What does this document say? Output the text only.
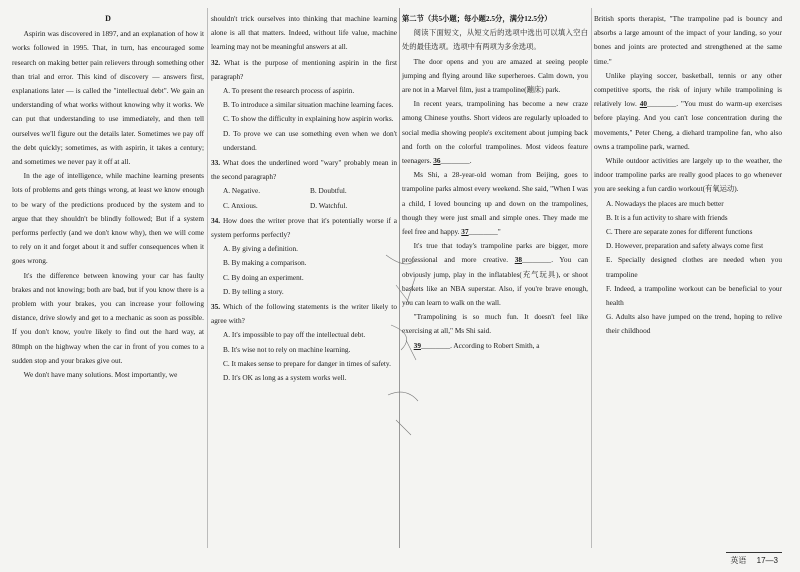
D

Aspirin was discovered in 1897, and an explanation of how it works followed in 1995. That, in turn, has encouraged some research on making better pain relievers through something other than trial and error. This kind of discovery — answers first, explanations later — is called the "intellectual debt". We gain an understanding of what works without knowing why it works. We can put that understanding to use immediately, and then tell ourselves we'll figure out the details later. Sometimes we pay off the debt quickly; sometimes, as with aspirin, it takes a century; and sometimes we never pay it off at all.

In the age of intelligence, while machine learning presents lots of problems and gets things wrong, at least we know enough to be wary of the predictions produced by the system and to argue that they shouldn't be blindly followed; But if a system performs perfectly (and we don't know why), then we will come to rely on it and forget about it and suffer consequences when it goes wrong.

It's the difference between knowing your car has faulty brakes and not knowing; both are bad, but if you know there is a problem with your brakes, you can increase your following distance, drive slowly and get to a mechanic as soon as possible. If you don't know, you're likely to find out the hard way, at 80mph on the highway when the car in front of you comes to a sudden stop and your brakes give out.

We don't have many solutions. Most importantly, we

shouldn't trick ourselves into thinking that machine learning alone is all that matters. Indeed, without life value, machine learning may not be meaningful answers at all.

32. What is the purpose of mentioning aspirin in the first paragraph?

A. To present the research process of aspirin.

B. To introduce a similar situation machine learning faces.

C. To show the difficulty in explaining how aspirin works.

D. To prove we can use something even when we don't understand.

33. What does the underlined word "wary" probably mean in the second paragraph?

A. Negative.	B. Doubtful.
C. Anxious.	D. Watchful.

34. How does the writer prove that it's potentially worse if a system performs perfectly?

A. By giving a definition.

B. By making a comparison.

C. By doing an experiment.

D. By telling a story.

35. Which of the following statements is the writer likely to agree with?

A. It's impossible to pay off the intellectual debt.

B. It's wise not to rely on machine learning.

C. It makes sense to prepare for danger in times of safety.

D. It's OK as long as a system works well.

第二节（共5小题；每小题2.5分，满分12.5分）

阅读下面短文，从短文后的选项中选出可以填入空白处的最佳选项。选项中有两项为多余选项。

The door opens and you are amazed at seeing people jumping and flying around like superheroes. Calm down, you are not in a Marvel film, just a trampoline(蹦床) park.

In recent years, trampolining has become a new craze among Chinese youths. Short videos are regularly uploaded to social media showing people's excitement about jumping back and forth on the colorful trampolines. Most videos feature teenagers. 36________.

Ms Shi, a 28-year-old woman from Beijing, goes to trampoline parks almost every weekend. She said, "When I was a child, I loved bouncing up and down on the trampolines, though they were just small and simple ones. They made me feel free and happy. 37________"

It's true that today's trampoline parks are bigger, more professional and more creative. 38________. You can obviously jump, play in the inflatables(充气玩具), or shoot baskets like an NBA superstar. Also, if you're brave enough, you can learn to walk on the wall.

"Trampolining is so much fun. It doesn't feel like exercising at all," Ms Shi said.

39________. According to Robert Smith, a

British sports therapist, "The trampoline pad is bouncy and absorbs a large amount of the impact of your landing, so your bones and joints are protected and strengthened at the same time."

Unlike playing soccer, basketball, tennis or any other competitive sports, the risk of injury while trampolining is relatively low. 40________. "You must do warm-up exercises before playing. And you can't lose concentration during the movements," Peter Cheng, a diehard trampoline fan, who also owns a trampoline park, warned.

While outdoor activities are largely up to the weather, the indoor trampoline parks are really good places to go whenever you are seeking a fun cardio workout(有氧运动).

A. Nowadays the places are much better

B. It is a fun activity to share with friends

C. There are separate zones for different functions

D. However, preparation and safety always come first

E. Specially designed clothes are needed when you trampoline

F. Indeed, a trampoline workout can be beneficial to your health

G. Adults also have jumped on the trend, hoping to relive their childhood

英语 17—3
